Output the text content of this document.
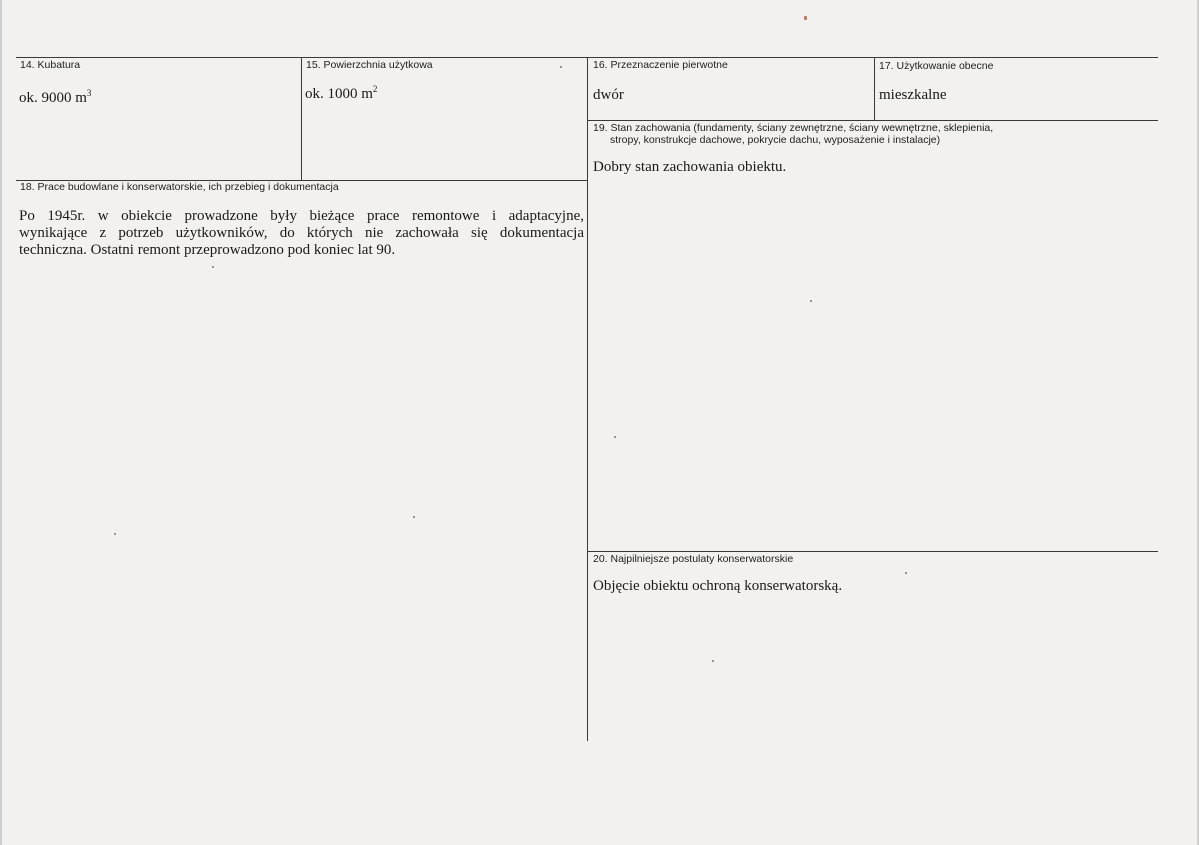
14. Kubatura
ok. 9000 $m^3$
15. Powierzchnia użytkowa
ok. 1000 $m^2$
16. Przeznaczenie pierwotne
dwór
17. Użytkowanie obecne
mieszkalne
19. Stan zachowania (fundamenty, ściany zewnętrzne, ściany wewnętrzne, sklepienia,
stropy, konstrukcje dachowe, pokrycie dachu, wyposażenie i instalacje)
Dobry stan zachowania obiektu.
18. Prace budowlane i konserwatorskie, ich przebieg i dokumentacja
Po 1945r. w obiekcie prowadzone były bieżące prace remontowe i adaptacyjne,
wynikające z potrzeb użytkowników, do których nie zachowała się dokumentacja
techniczna. Ostatni remont przeprowadzono pod koniec lat 90.
20. Najpilniejsze postulaty konserwatorskie
Objęcie obiektu ochroną konserwatorską.
